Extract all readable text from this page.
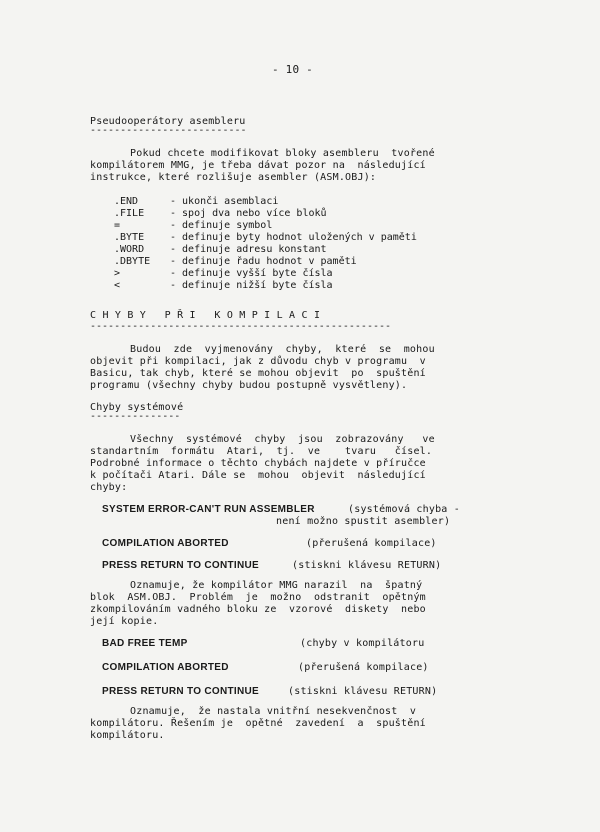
- 10 -
Pseudooperátory asembleru
--------------------------
Pokud chcete modifikovat bloky asembleru  tvořené
kompilátorem MMG, je třeba dávat pozor na  následující
instrukce, které rozlišuje asembler (ASM.OBJ):
.END	- ukonči asemblaci
.FILE	- spoj dva nebo více bloků
=	- definuje symbol
.BYTE	- definuje byty hodnot uložených v paměti
.WORD	- definuje adresu konstant
.DBYTE - definuje řadu hodnot v paměti
>	- definuje vyšší byte čísla
<	- definuje nižší byte čísla
C H Y B Y   P Ř I   K O M P I L A C I
--------------------------------------------------
Budou  zde  vyjmenovány  chyby,  které  se  mohou
objevit při kompilaci, jak z důvodu chyb v programu  v
Basicu, tak chyb, které se mohou objevit  po  spuštění
programu (všechny chyby budou postupně vysvětleny).
Chyby systémové
---------------
Všechny  systémové  chyby  jsou  zobrazovány   ve
standartním  formátu  Atari,  tj.  ve    tvaru   čísel.
Podrobné informace o těchto chybách najdete v příručce
k počítači Atari. Dále se  mohou  objevit  následující
chyby:
SYSTEM ERROR-CAN'T RUN ASSEMBLER	(systémová chyba -
není možno spustit asembler)
COMPILATION ABORTED	(přerušená kompilace)
PRESS RETURN TO CONTINUE	(stiskni klávesu RETURN)
Oznamuje, že kompilátor MMG narazil  na  špatný
blok  ASM.OBJ.  Problém  je  možno  odstranit  opětným
zkompilováním vadného bloku ze  vzorové  diskety  nebo
její kopie.
BAD FREE TEMP	(chyby v kompilátoru
COMPILATION ABORTED	(přerušená kompilace)
PRESS RETURN TO CONTINUE	(stiskni klávesu RETURN)
Oznamuje,  že nastala vnitřní nesekvenčnost  v
kompilátoru. Řešením je  opětné  zavedení  a  spuštění
kompilátoru.
